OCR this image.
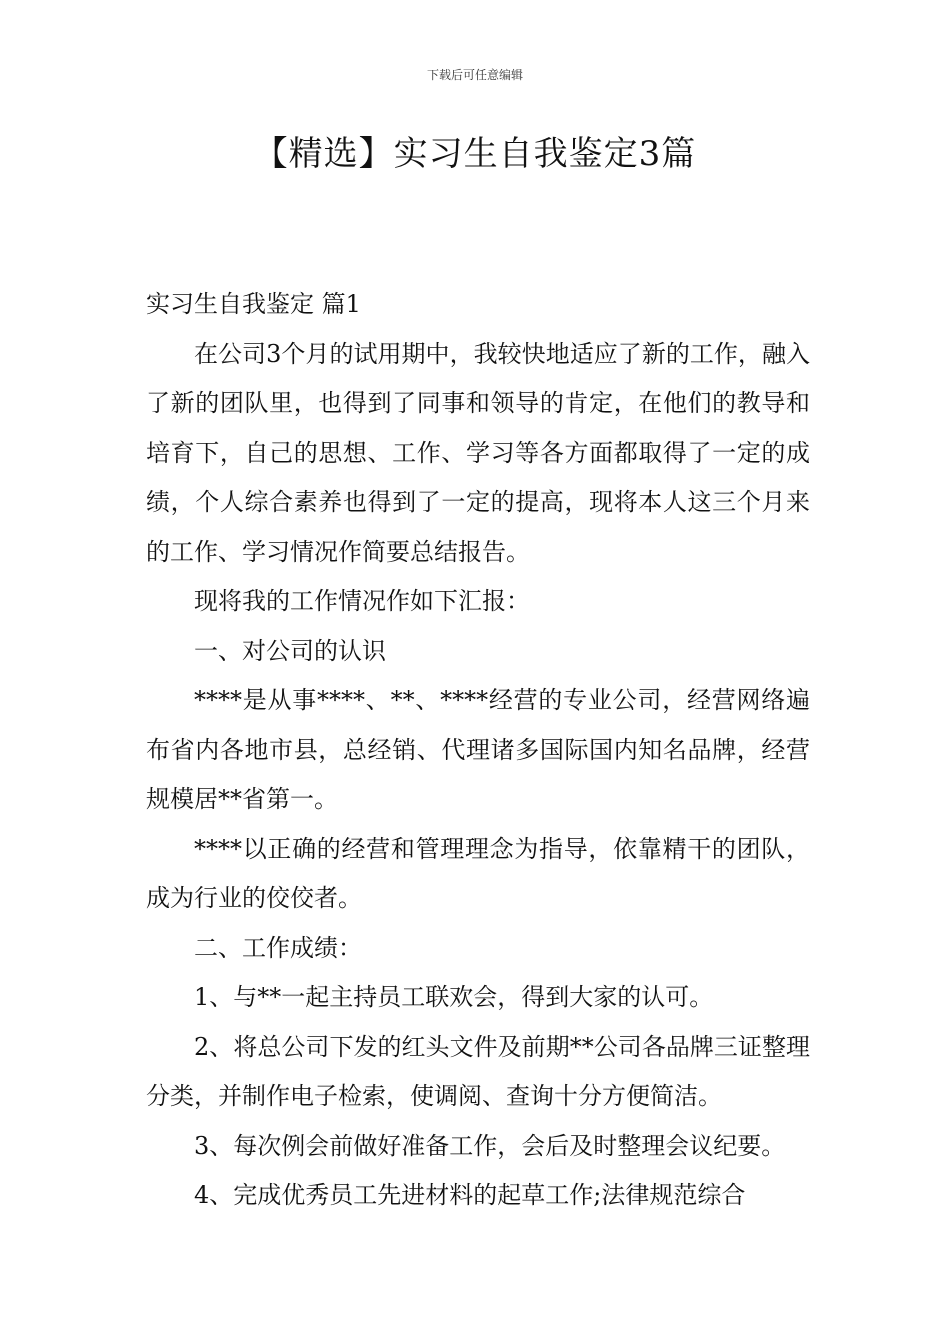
下载后可任意编辑
【精选】实习生自我鉴定3篇

实习生自我鉴定 篇1

在公司3个月的试用期中，我较快地适应了新的工作，融入了新的团队里，也得到了同事和领导的肯定，在他们的教导和培育下，自己的思想、工作、学习等各方面都取得了一定的成绩，个人综合素养也得到了一定的提高，现将本人这三个月来的工作、学习情况作简要总结报告。

现将我的工作情况作如下汇报：

一、对公司的认识

****是从事****、**、****经营的专业公司，经营网络遍布省内各地市县，总经销、代理诸多国际国内知名品牌，经营规模居**省第一。

****以正确的经营和管理理念为指导，依靠精干的团队，成为行业的佼佼者。

二、工作成绩：

1、与**一起主持员工联欢会，得到大家的认可。

2、将总公司下发的红头文件及前期**公司各品牌三证整理分类，并制作电子检索，使调阅、查询十分方便简洁。

3、每次例会前做好准备工作，会后及时整理会议纪要。

4、完成优秀员工先进材料的起草工作;法律规范综合
